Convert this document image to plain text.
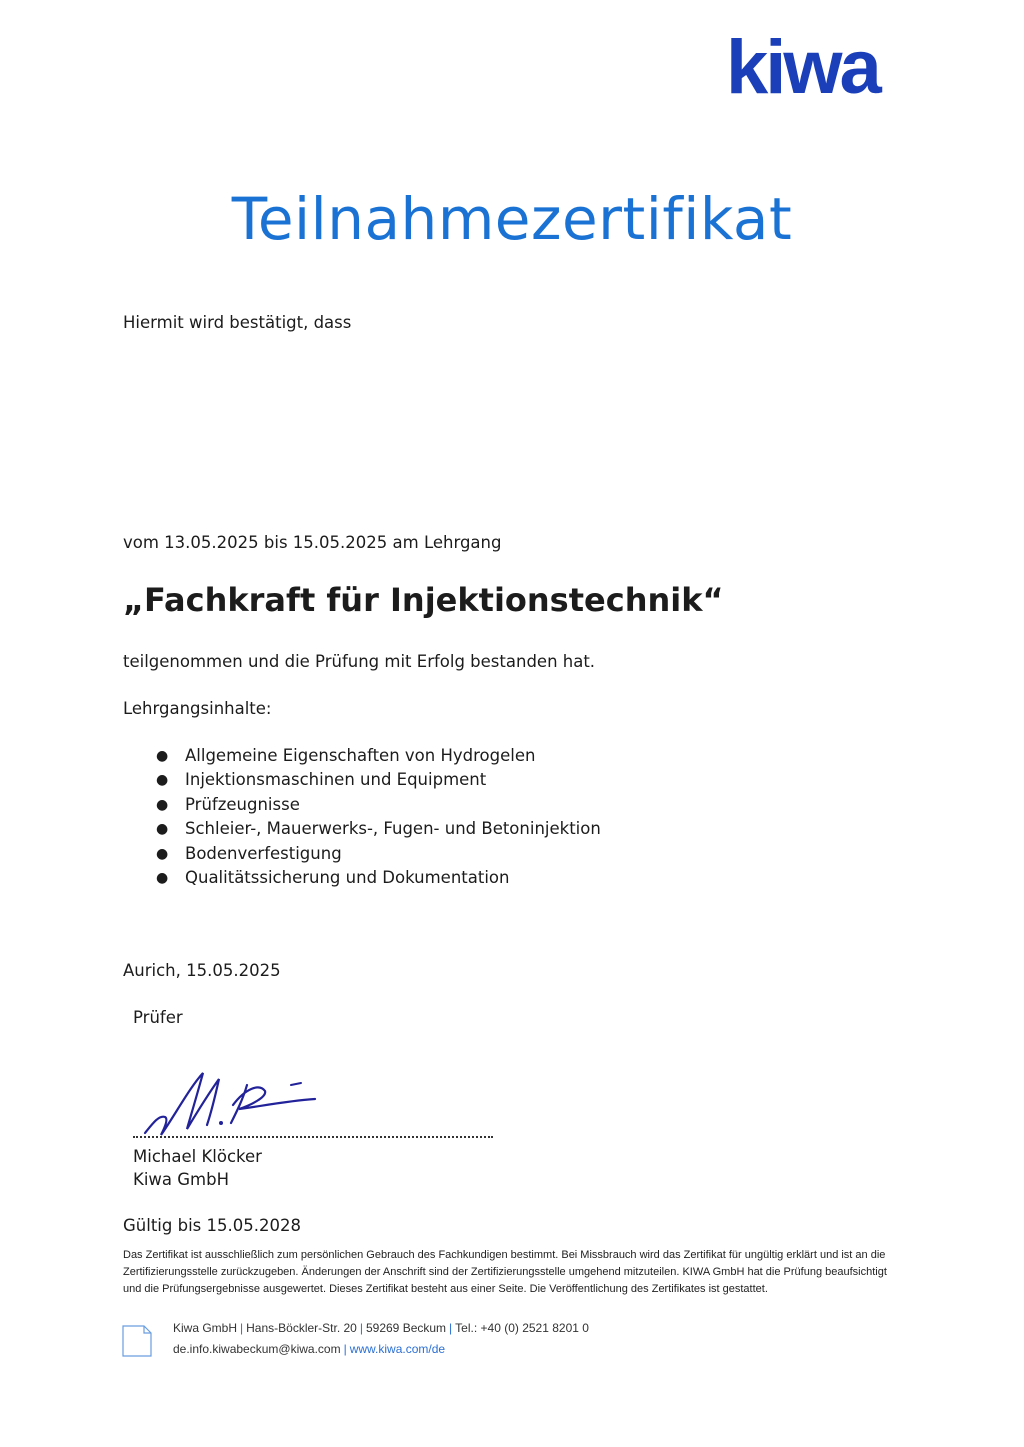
kiwa
Teilnahmezertifikat
Hiermit wird bestätigt, dass
vom 13.05.2025 bis 15.05.2025 am Lehrgang
„Fachkraft für Injektionstechnik“
teilgenommen und die Prüfung mit Erfolg bestanden hat.
Lehrgangsinhalte:
● Allgemeine Eigenschaften von Hydrogelen
● Injektionsmaschinen und Equipment
● Prüfzeugnisse
● Schleier-, Mauerwerks-, Fugen- und Betoninjektion
● Bodenverfestigung
● Qualitätssicherung und Dokumentation
Aurich, 15.05.2025
Prüfer
Michael Klöcker
Kiwa GmbH
Gültig bis 15.05.2028
Das Zertifikat ist ausschließlich zum persönlichen Gebrauch des Fachkundigen bestimmt. Bei Missbrauch wird das Zertifikat für ungültig erklärt und ist an die Zertifizierungsstelle zurückzugeben. Änderungen der Anschrift sind der Zertifizierungsstelle umgehend mitzuteilen. KIWA GmbH hat die Prüfung beaufsichtigt und die Prüfungsergebnisse ausgewertet. Dieses Zertifikat besteht aus einer Seite. Die Veröffentlichung des Zertifikates ist gestattet.
Kiwa GmbH | Hans-Böckler-Str. 20 | 59269 Beckum | Tel.: +40 (0) 2521 8201 0
de.info.kiwabeckum@kiwa.com | www.kiwa.com/de
